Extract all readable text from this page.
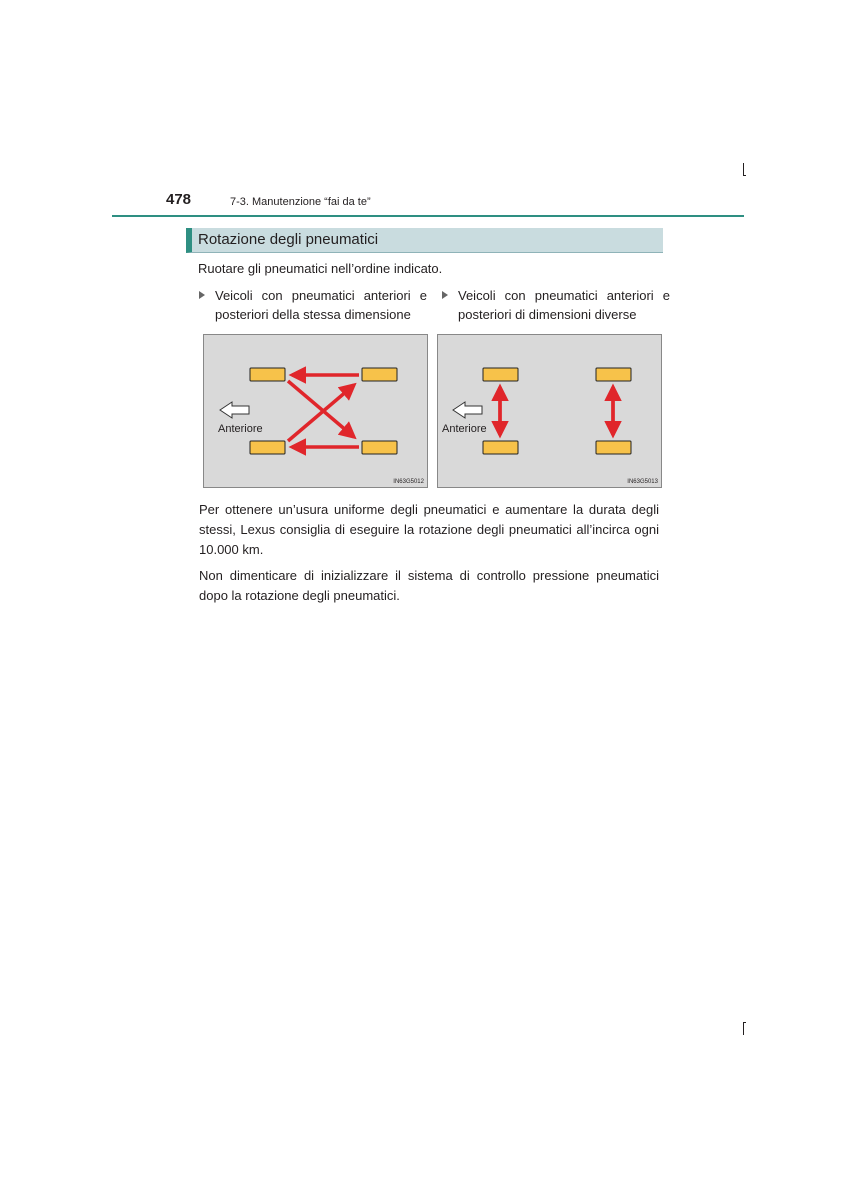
478	7-3. Manutenzione “fai da te”
Rotazione degli pneumatici
Ruotare gli pneumatici nell’ordine indicato.
Veicoli con pneumatici anteriori e posteriori della stessa dimensione
Veicoli con pneumatici anteriori e posteriori di dimensioni diverse
Anteriore
IN63G5012
Anteriore
IN63G5013
Per ottenere un’usura uniforme degli pneumatici e aumentare la durata degli stessi, Lexus consiglia di eseguire la rotazione degli pneumatici all’incirca ogni 10.000 km.
Non dimenticare di inizializzare il sistema di controllo pressione pneumatici dopo la rotazione degli pneumatici.
